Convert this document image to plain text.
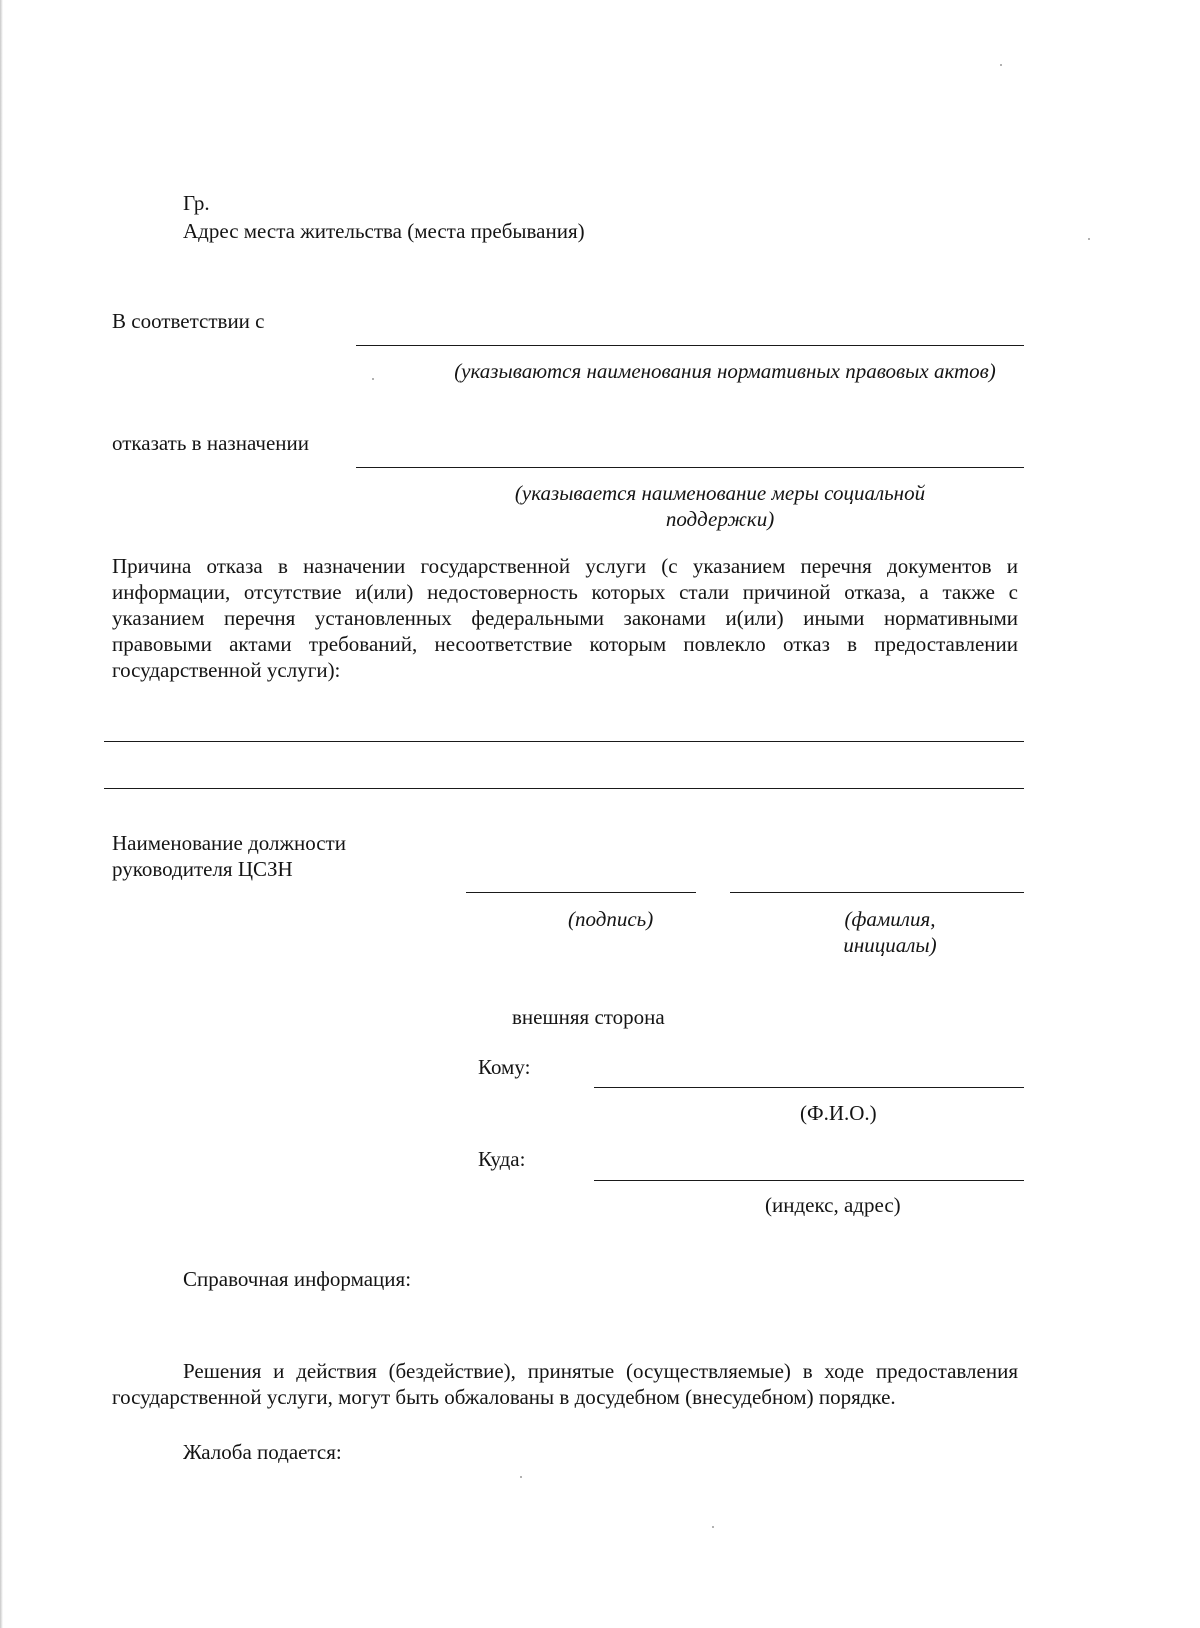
Гр.
Адрес места жительства (места пребывания)
В соответствии с
(указываются наименования нормативных правовых актов)
отказать в назначении
(указывается наименование меры социальной поддержки)
Причина отказа в назначении государственной услуги (с указанием перечня документов и информации, отсутствие и(или) недостоверность которых стали причиной отказа, а также с указанием перечня установленных федеральными законами и(или) иными нормативными правовыми актами требований, несоответствие которым повлекло отказ в предоставлении государственной услуги):
Наименование должности руководителя ЦСЗН
(подпись)	(фамилия, инициалы)
внешняя сторона
Кому:
(Ф.И.О.)
Куда:
(индекс, адрес)
Справочная информация:
Решения и действия (бездействие), принятые (осуществляемые) в ходе предоставления государственной услуги, могут быть обжалованы в досудебном (внесудебном) порядке.
Жалоба подается:
